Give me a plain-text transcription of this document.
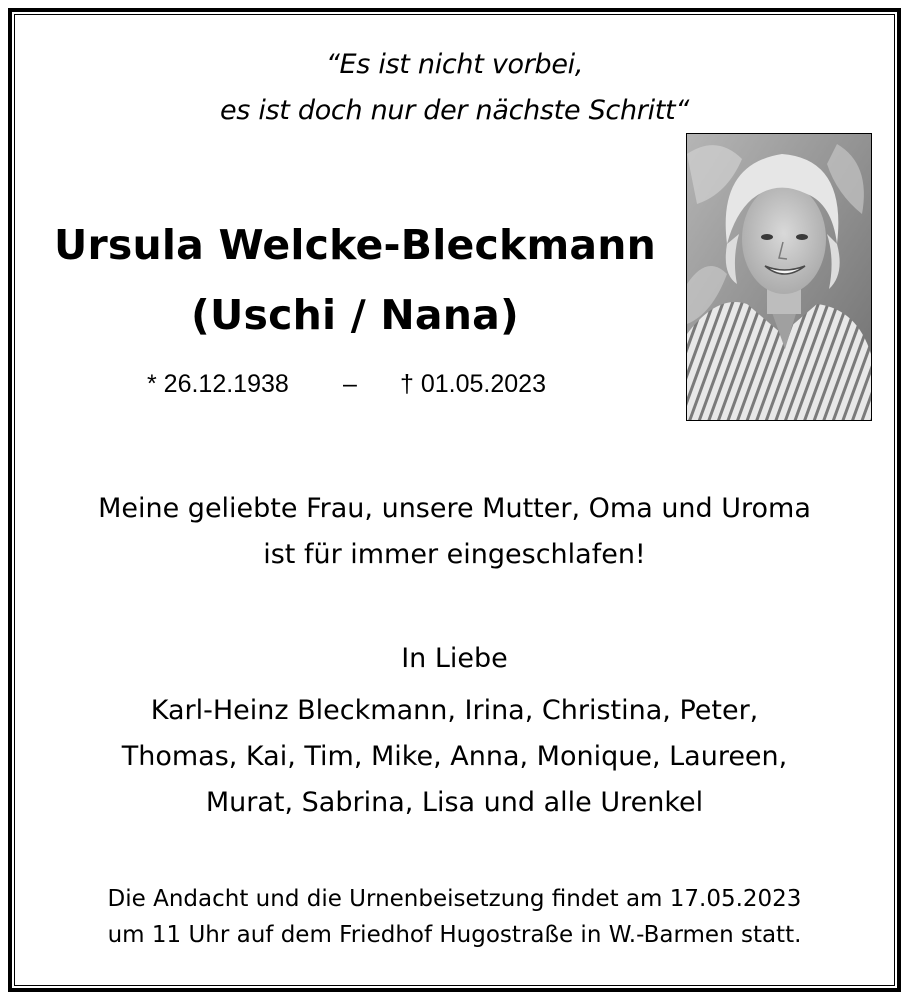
“Es ist nicht vorbei,
es ist doch nur der nächste Schritt“
Ursula Welcke-Bleckmann
(Uschi / Nana)
* 26.12.1938 – † 01.05.2023
Meine geliebte Frau, unsere Mutter, Oma und Uroma
ist für immer eingeschlafen!
In Liebe
Karl-Heinz Bleckmann, Irina, Christina, Peter,
Thomas, Kai, Tim, Mike, Anna, Monique, Laureen,
Murat, Sabrina, Lisa und alle Urenkel
Die Andacht und die Urnenbeisetzung findet am 17.05.2023
um 11 Uhr auf dem Friedhof Hugostraße in W.-Barmen statt.
